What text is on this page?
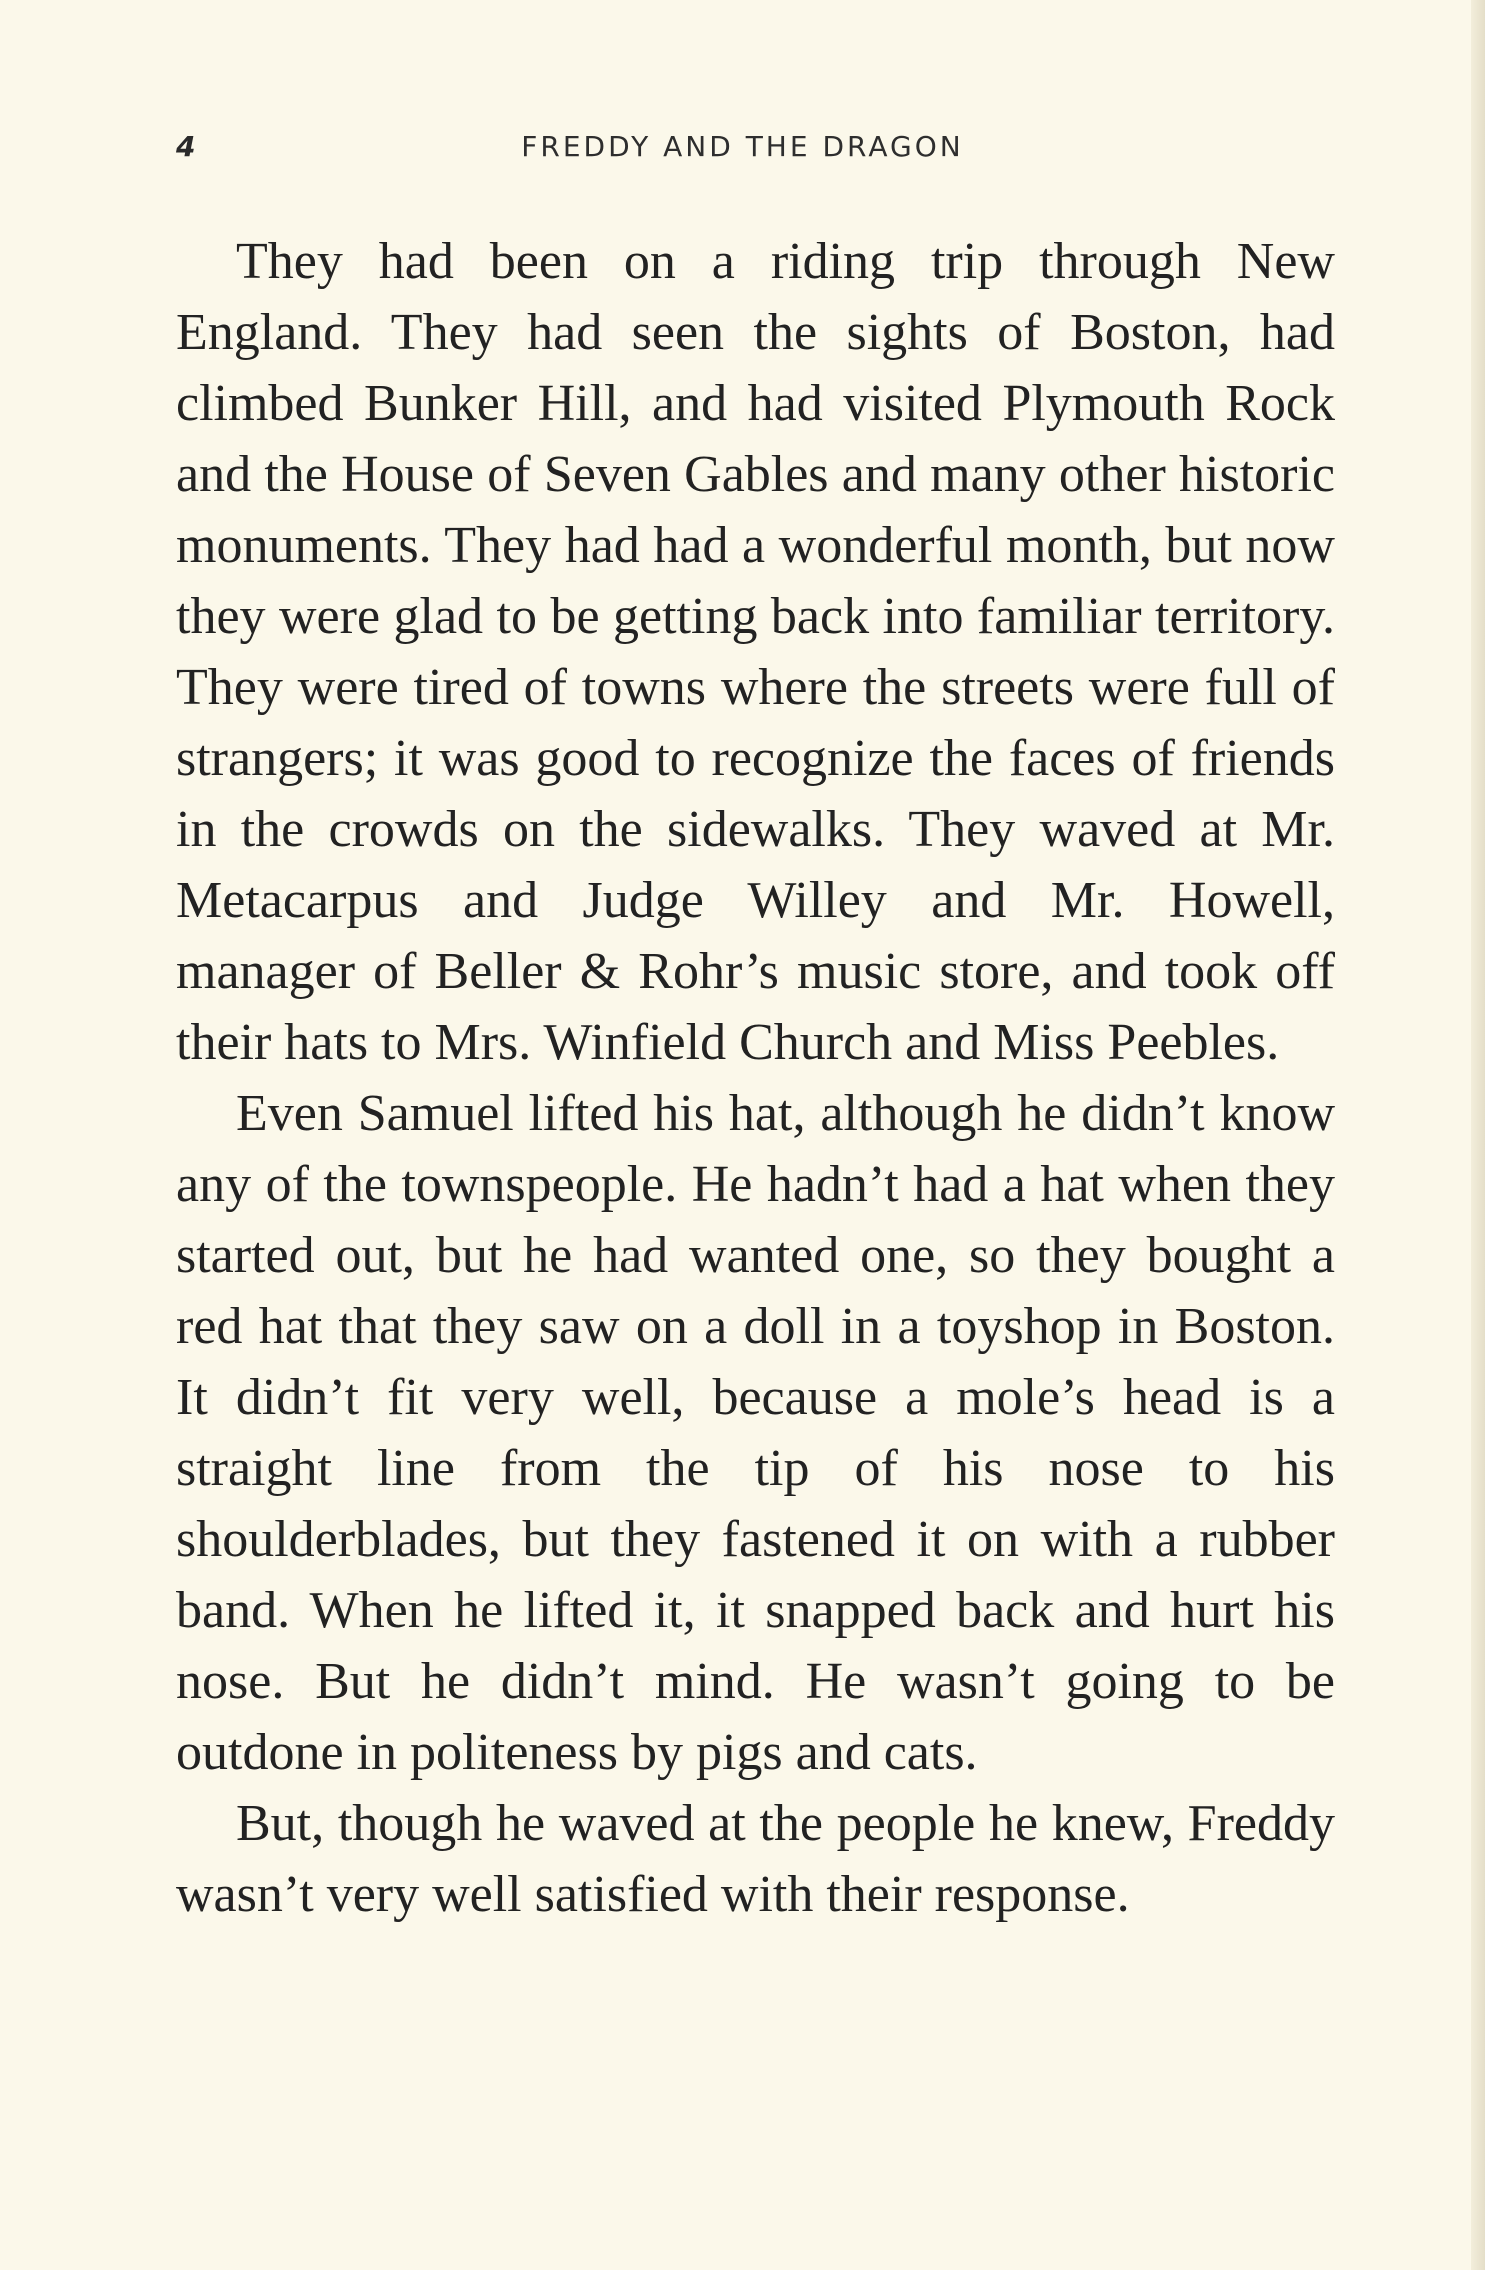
4	FREDDY AND THE DRAGON

They had been on a riding trip through New England. They had seen the sights of Boston, had climbed Bunker Hill, and had visited Plymouth Rock and the House of Seven Gables and many other historic monuments. They had had a wonderful month, but now they were glad to be getting back into familiar territory. They were tired of towns where the streets were full of strangers; it was good to recognize the faces of friends in the crowds on the sidewalks. They waved at Mr. Metacarpus and Judge Willey and Mr. Howell, manager of Beller & Rohr’s music store, and took off their hats to Mrs. Winfield Church and Miss Peebles.

Even Samuel lifted his hat, although he didn’t know any of the townspeople. He hadn’t had a hat when they started out, but he had wanted one, so they bought a red hat that they saw on a doll in a toyshop in Boston. It didn’t fit very well, because a mole’s head is a straight line from the tip of his nose to his shoulderblades, but they fastened it on with a rubber band. When he lifted it, it snapped back and hurt his nose. But he didn’t mind. He wasn’t going to be outdone in politeness by pigs and cats.

But, though he waved at the people he knew, Freddy wasn’t very well satisfied with their response.
